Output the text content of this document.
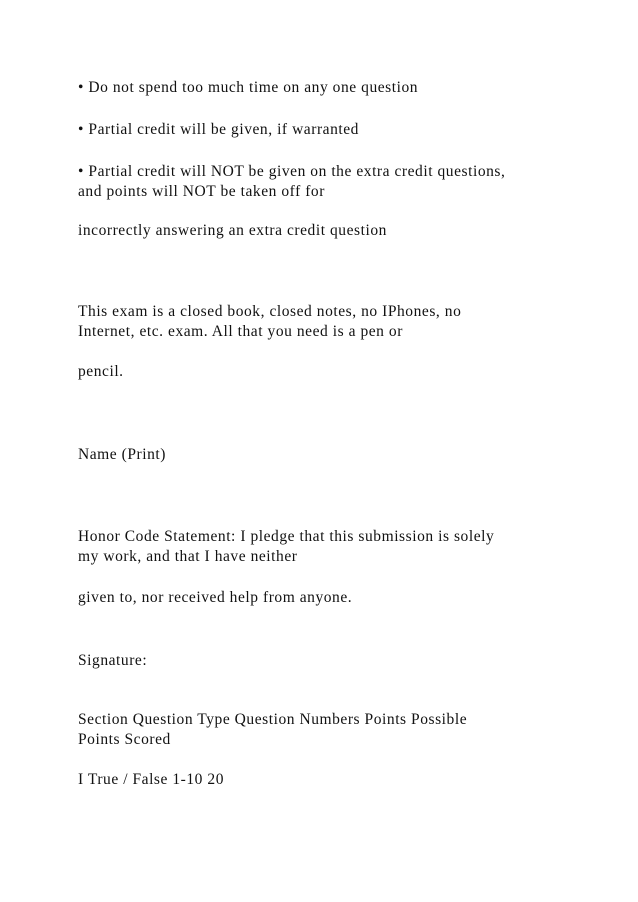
• Do not spend too much time on any one question
• Partial credit will be given, if warranted
• Partial credit will NOT be given on the extra credit questions,
and points will NOT be taken off for
incorrectly answering an extra credit question
This exam is a closed book, closed notes, no IPhones, no
Internet, etc. exam. All that you need is a pen or
pencil.
Name (Print)
Honor Code Statement: I pledge that this submission is solely
my work, and that I have neither
given to, nor received help from anyone.
Signature:
Section Question Type Question Numbers Points Possible
Points Scored
I True / False 1-10 20
